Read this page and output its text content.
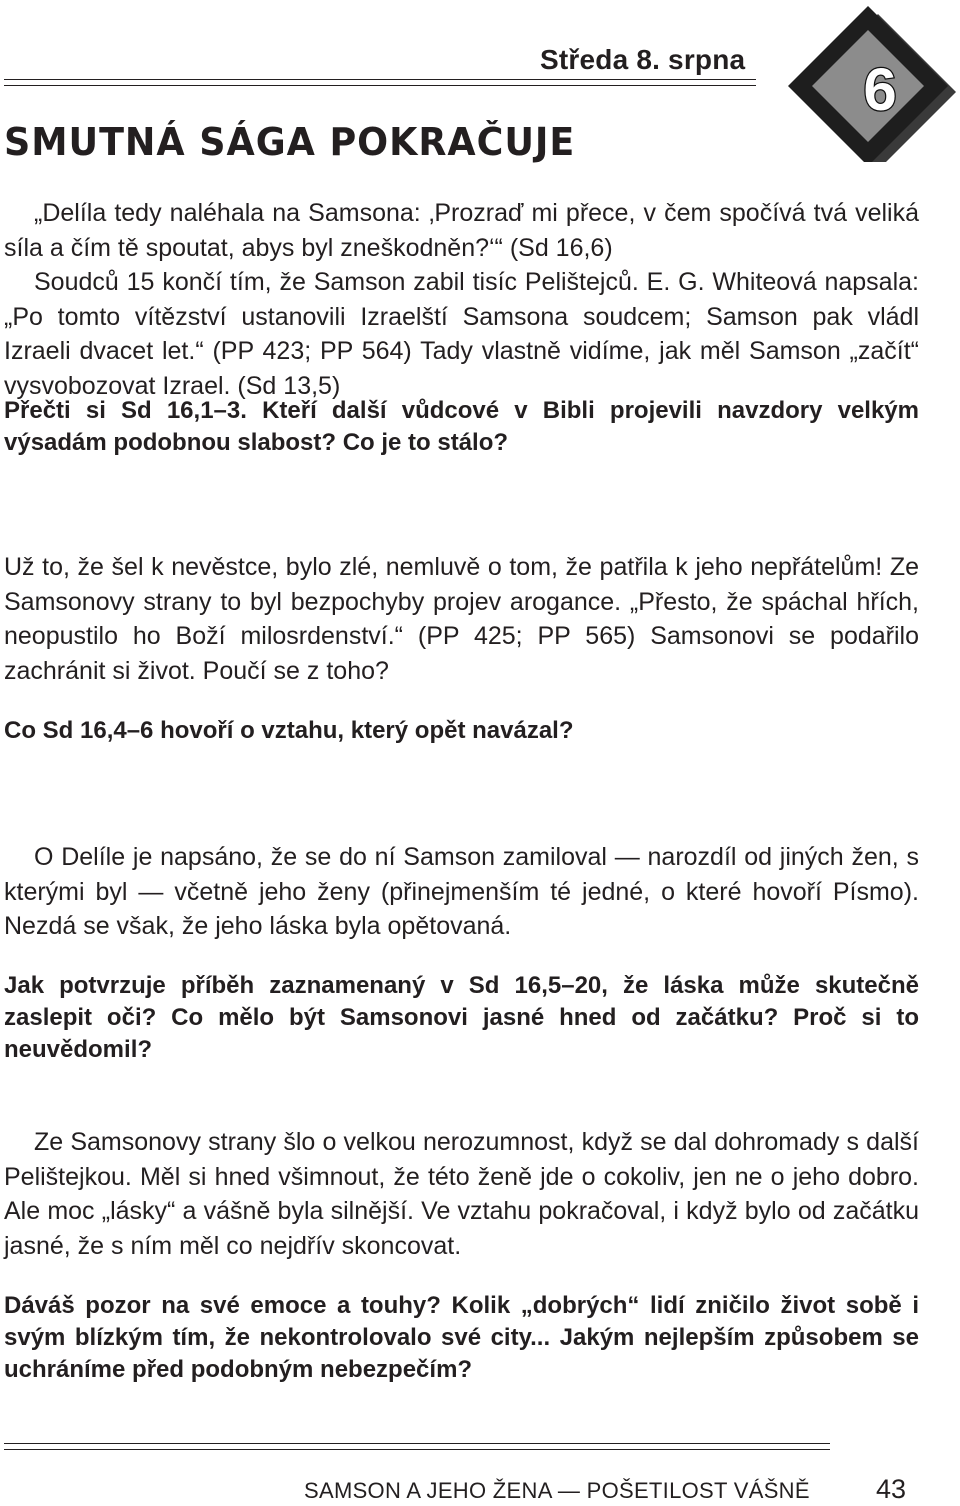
Středa 8. srpna 6
SMUTNÁ SÁGA POKRAČUJE
„Delíla tedy naléhala na Samsona: ‚Prozraď mi přece, v čem spočívá tvá veliká síla a čím tě spoutat, abys byl zneškodněn?‘“ (Sd 16,6)
Soudců 15 končí tím, že Samson zabil tisíc Pelištejců. E. G. Whiteová napsala: „Po tomto vítězství ustanovili Izraelští Samsona soudcem; Samson pak vládl Izraeli dvacet let.“ (PP 423; PP 564) Tady vlastně vidíme, jak měl Samson „začít“ vysvobozovat Izrael. (Sd 13,5)
Přečti si Sd 16,1–3. Kteří další vůdcové v Bibli projevili navzdory velkým výsadám podobnou slabost? Co je to stálo?
Už to, že šel k nevěstce, bylo zlé, nemluvě o tom, že patřila k jeho nepřátelům! Ze Samsonovy strany to byl bezpochyby projev arogance. „Přesto, že spáchal hřích, neopustilo ho Boží milosrdenství.“ (PP 425; PP 565) Samsonovi se podařilo zachránit si život. Poučí se z toho?
Co Sd 16,4–6 hovoří o vztahu, který opět navázal?
O Delíle je napsáno, že se do ní Samson zamiloval — narozdíl od jiných žen, s kterými byl — včetně jeho ženy (přinejmenším té jedné, o které hovoří Písmo). Nezdá se však, že jeho láska byla opětovaná.
Jak potvrzuje příběh zaznamenaný v Sd 16,5–20, že láska může skutečně zaslepit oči? Co mělo být Samsonovi jasné hned od začátku? Proč si to neuvědomil?
Ze Samsonovy strany šlo o velkou nerozumnost, když se dal dohromady s další Pelištejkou. Měl si hned všimnout, že této ženě jde o cokoliv, jen ne o jeho dobro. Ale moc „lásky“ a vášně byla silnější. Ve vztahu pokračoval, i když bylo od začátku jasné, že s ním měl co nejdřív skoncovat.
Dáváš pozor na své emoce a touhy? Kolik „dobrých“ lidí zničilo život sobě i svým blízkým tím, že nekontrolovalo své city... Jakým nejlepším způsobem se uchráníme před podobným nebezpečím?
SAMSON A JEHO ŽENA — POŠETILOST VÁŠNĚ 43
